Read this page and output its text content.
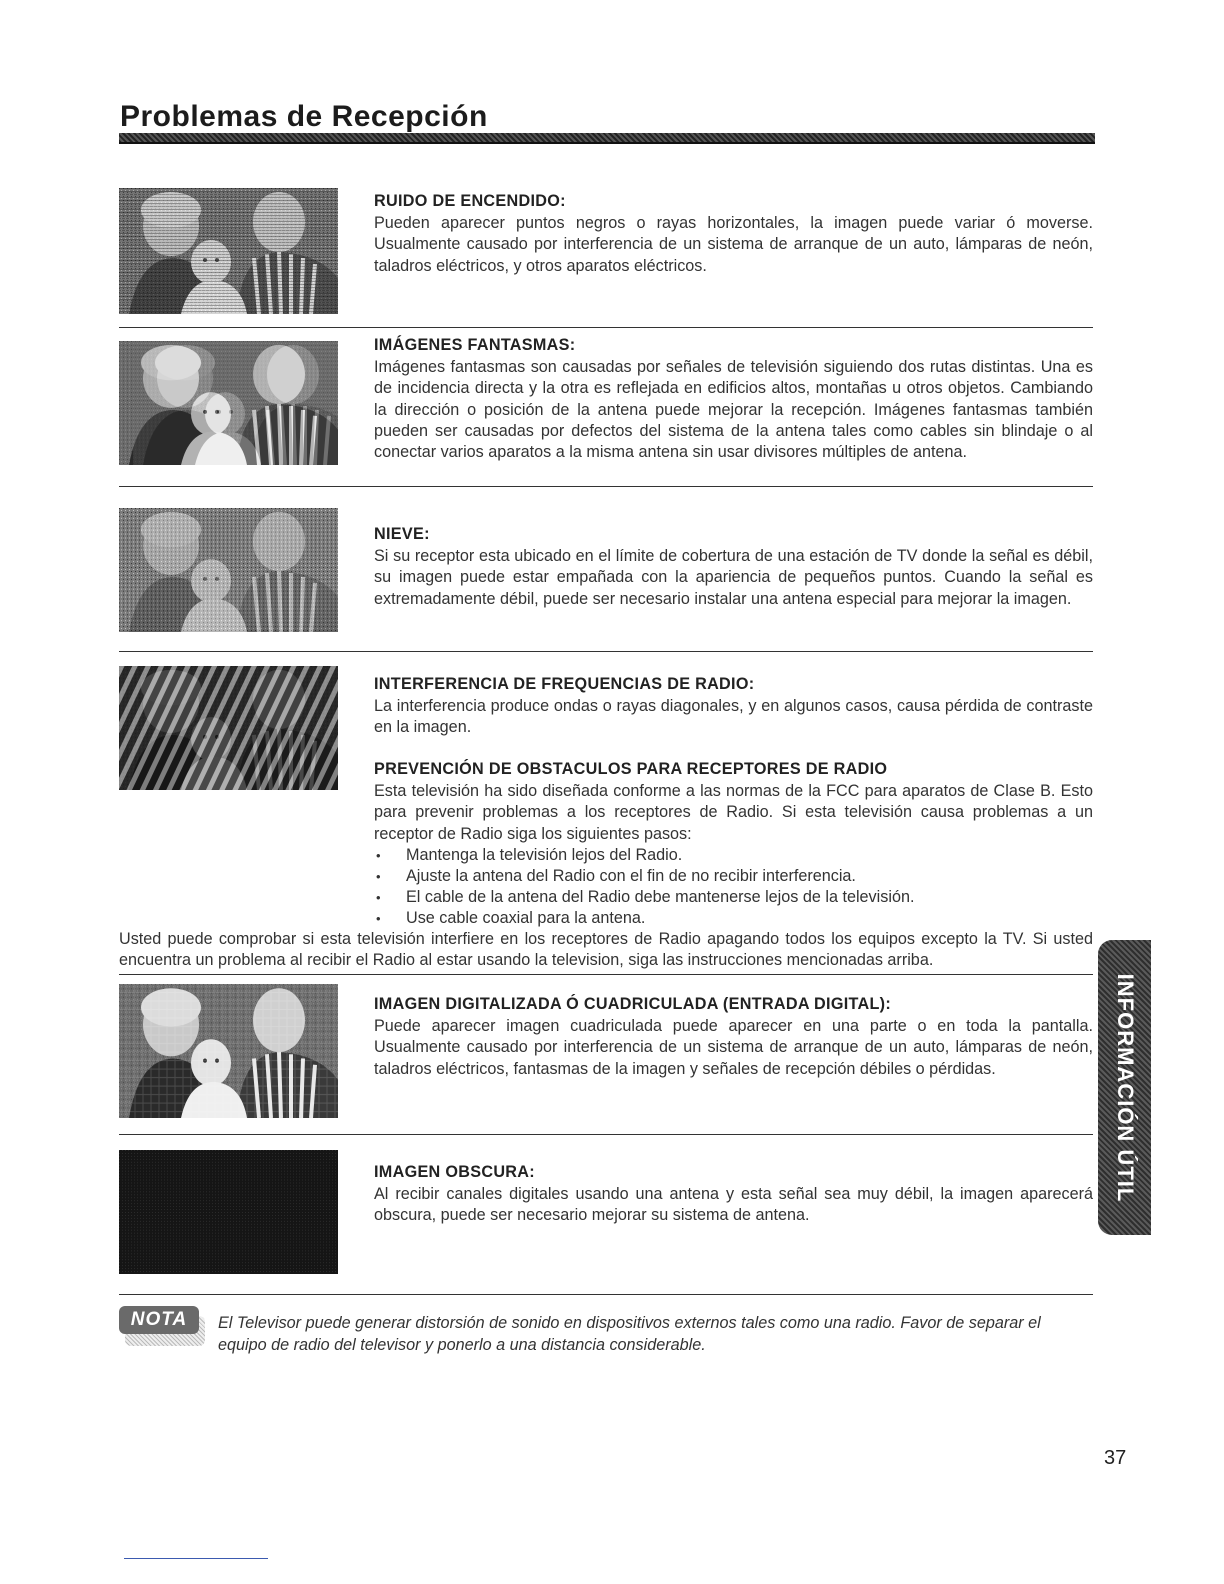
Problemas de Recepción

RUIDO DE ENCENDIDO:

Pueden aparecer puntos negros o rayas horizontales, la imagen puede variar ó moverse. Usualmente causado por interferencia de un sistema de arranque de un auto, lámparas de neón, taladros eléctricos, y otros aparatos eléctricos.

IMÁGENES FANTASMAS:

Imágenes fantasmas son causadas por señales de televisión siguiendo dos rutas distintas. Una es de incidencia directa y la otra es reflejada en edificios altos, montañas u otros objetos. Cambiando la dirección o posición de la antena puede mejorar la recepción. Imágenes fantasmas también pueden ser causadas por defectos del sistema de la antena tales como cables sin blindaje o al conectar varios aparatos a la misma antena sin usar divisores múltiples de antena.

NIEVE:

Si su receptor esta ubicado en el límite de cobertura de una estación de TV donde la señal es débil, su imagen puede estar empañada con la apariencia de pequeños puntos. Cuando la señal es extremadamente débil, puede ser necesario instalar una antena especial para mejorar la imagen.

INTERFERENCIA DE FREQUENCIAS DE RADIO:

La interferencia produce ondas o rayas diagonales, y en algunos casos, causa pérdida de contraste en la imagen.

PREVENCIÓN DE OBSTACULOS PARA RECEPTORES DE RADIO

Esta televisión ha sido diseñada conforme a las normas de la FCC para aparatos de Clase B. Esto para prevenir problemas a los receptores de Radio. Si esta televisión causa problemas a un receptor de Radio siga los siguientes pasos:

• Mantenga la televisión lejos del Radio.
• Ajuste la antena del Radio con el fin de no recibir interferencia.
• El cable de la antena del Radio debe mantenerse lejos de la televisión.
• Use cable coaxial para la antena.

Usted puede comprobar si esta televisión interfiere en los receptores de Radio apagando todos los equipos excepto la TV. Si usted encuentra un problema al recibir el Radio al estar usando la television, siga las instrucciones mencionadas arriba.

IMAGEN DIGITALIZADA Ó CUADRICULADA (ENTRADA DIGITAL):

Puede aparecer imagen cuadriculada puede aparecer en una parte o en toda la pantalla. Usualmente causado por interferencia de un sistema de arranque de un auto, lámparas de neón, taladros eléctricos, fantasmas de la imagen y señales de recepción débiles o pérdidas.

IMAGEN OBSCURA:

Al recibir canales digitales usando una antena y esta señal sea muy débil, la imagen aparecerá obscura, puede ser necesario mejorar su sistema de antena.

NOTA	El Televisor puede generar distorsión de sonido en dispositivos externos tales como una radio. Favor de separar el equipo de radio del televisor y ponerlo a una distancia considerable.
INFORMACIÓN ÚTIL
37
